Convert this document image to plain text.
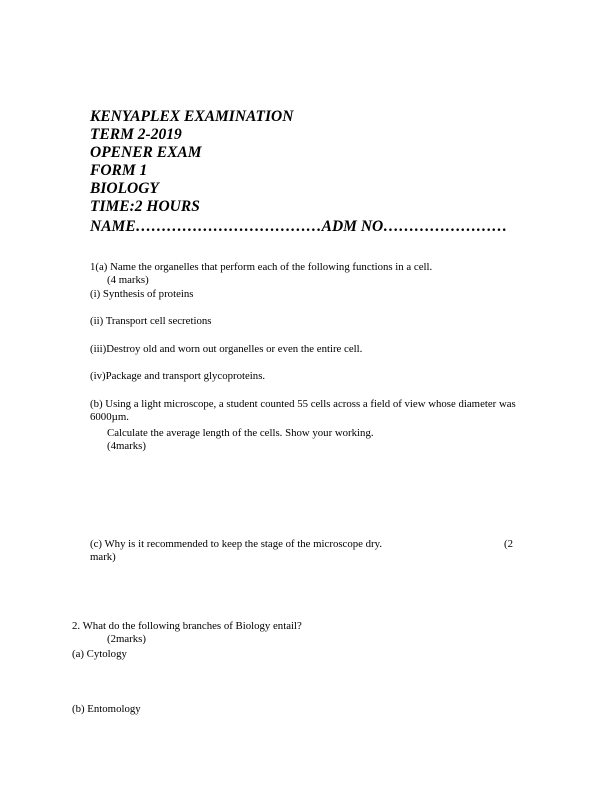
KENYAPLEX EXAMINATION
TERM 2-2019
OPENER EXAM
FORM 1
BIOLOGY
TIME:2 HOURS
NAME………………………………ADM NO……………………
1(a) Name the organelles that perform each of the following functions in a cell.
(4 marks)
(i) Synthesis of proteins
(ii) Transport cell secretions
(iii)Destroy old and worn out organelles or even the entire cell.
(iv)Package and transport glycoproteins.
(b) Using a light microscope, a student counted 55 cells across a field of view whose diameter was 6000µm.
Calculate the average length of the cells. Show your working.
(4marks)
(c) Why is it recommended to keep the stage of the microscope dry.	(2
mark)
2. What do the following branches of Biology entail?
(2marks)
(a) Cytology
(b) Entomology
